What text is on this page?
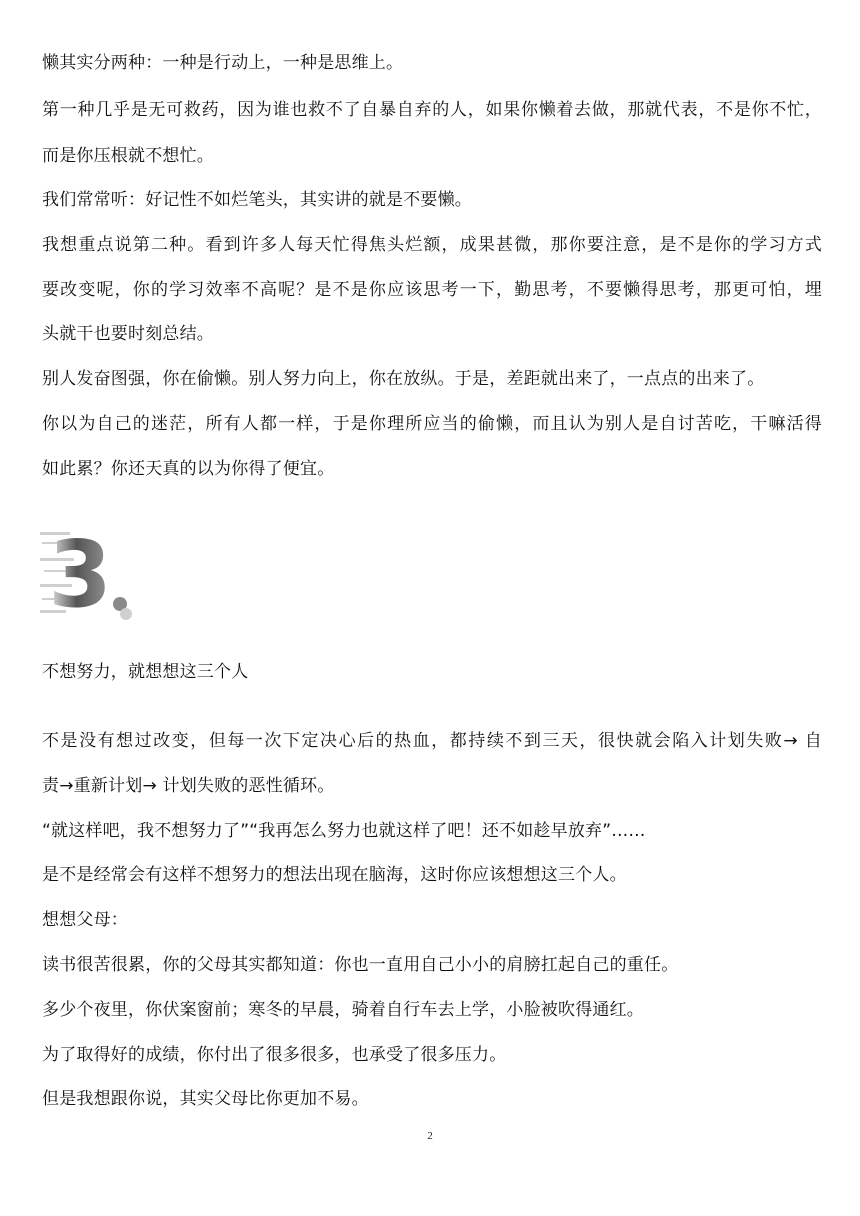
懒其实分两种：一种是行动上，一种是思维上。
第一种几乎是无可救药，因为谁也救不了自暴自弃的人，如果你懒着去做，那就代表，不是你不忙，
而是你压根就不想忙。
我们常常听：好记性不如烂笔头，其实讲的就是不要懒。
我想重点说第二种。看到许多人每天忙得焦头烂额，成果甚微，那你要注意，是不是你的学习方式
要改变呢，你的学习效率不高呢？是不是你应该思考一下，勤思考，不要懒得思考，那更可怕，埋
头就干也要时刻总结。
别人发奋图强，你在偷懒。别人努力向上，你在放纵。于是，差距就出来了，一点点的出来了。
你以为自己的迷茫，所有人都一样，于是你理所应当的偷懒，而且认为别人是自讨苦吃，干嘛活得
如此累？你还天真的以为你得了便宜。
3
不想努力，就想想这三个人
不是没有想过改变，但每一次下定决心后的热血，都持续不到三天，很快就会陷入计划失败→ 自
责→重新计划→ 计划失败的恶性循环。
“就这样吧，我不想努力了”“我再怎么努力也就这样了吧！还不如趁早放弃”……
是不是经常会有这样不想努力的想法出现在脑海，这时你应该想想这三个人。
想想父母：
读书很苦很累，你的父母其实都知道：你也一直用自己小小的肩膀扛起自己的重任。
多少个夜里，你伏案窗前；寒冬的早晨，骑着自行车去上学，小脸被吹得通红。
为了取得好的成绩，你付出了很多很多，也承受了很多压力。
但是我想跟你说，其实父母比你更加不易。
2
